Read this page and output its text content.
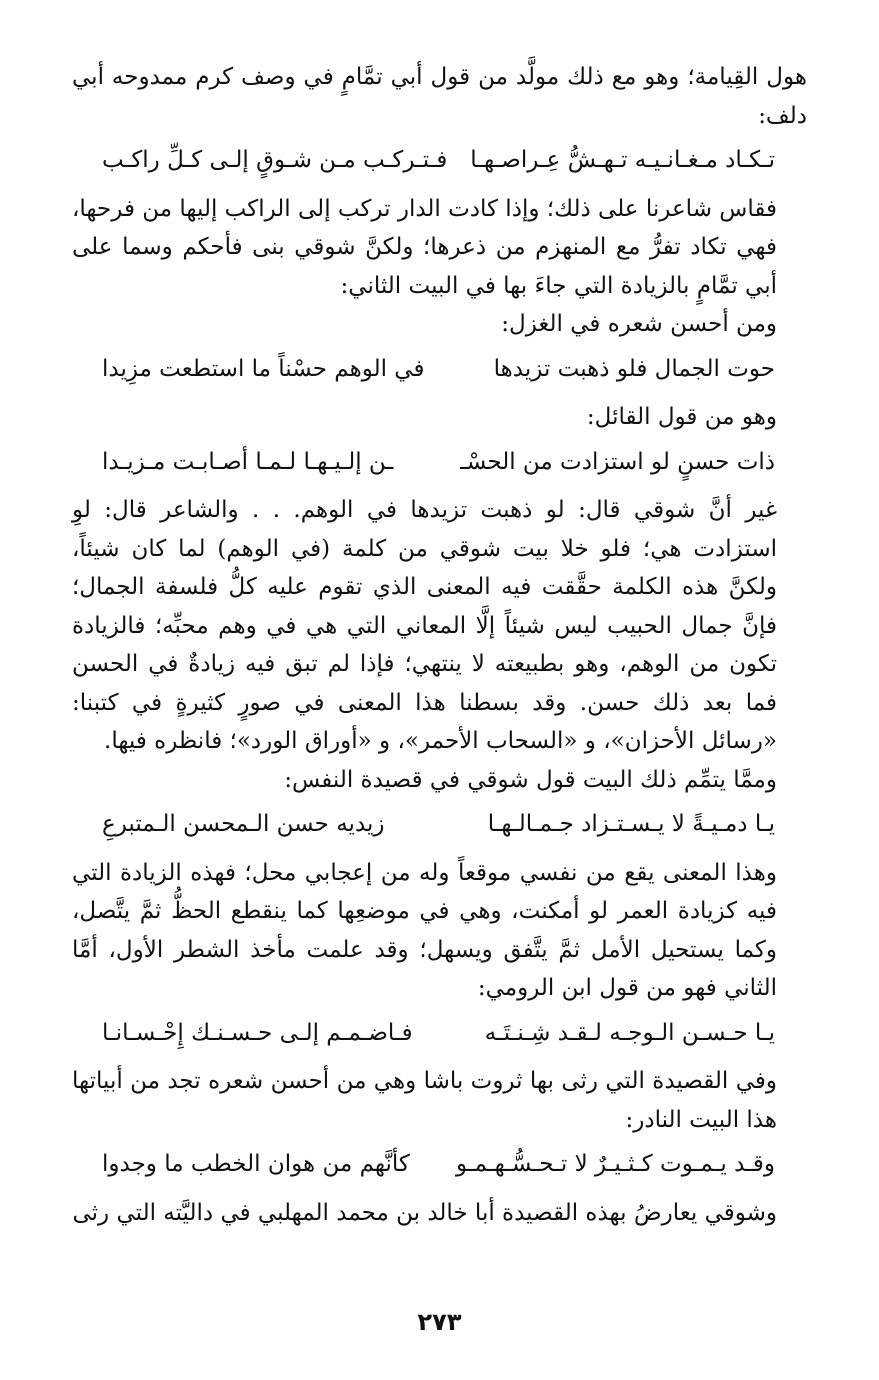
هول القِيامة؛ وهو مع ذلك مولَّد من قول أبي تمَّامٍ في وصف كرم ممدوحه أبي دلف:

تـكـاد مـغـانـيـه تـهـشُّ عِـراصـهـا
فـتـركـب مـن شـوقٍ إلـى كـلِّ راكـب

فقاس شاعرنا على ذلك؛ وإذا كادت الدار تركب إلى الراكب إليها من فرحها، فهي تكاد تفرُّ مع المنهزم من ذعرها؛ ولكنَّ شوقي بنى فأحكم وسما على أبي تمَّامٍ بالزيادة التي جاءَ بها في البيت الثاني:

ومن أحسن شعره في الغزل:

حوت الجمال فلو ذهبت تزيدها
في الوهم حسْناً ما استطعت مزِيدا

وهو من قول القائل:

ذات حسنٍ لو استزادت من الحسْـ
ـن إلـيـهـا لـمـا أصـابـت مـزيـدا

غير أنَّ شوقي قال: لو ذهبت تزيدها في الوهم. . . والشاعر قال: لوِ استزادت هي؛ فلو خلا بيت شوقي من كلمة (في الوهم) لما كان شيئاً، ولكنَّ هذه الكلمة حقَّقت فيه المعنى الذي تقوم عليه كلُّ فلسفة الجمال؛ فإنَّ جمال الحبيب ليس شيئاً إلَّا المعاني التي هي في وهم محبِّه؛ فالزيادة تكون من الوهم، وهو بطبيعته لا ينتهي؛ فإذا لم تبق فيه زيادةٌ في الحسن فما بعد ذلك حسن. وقد بسطنا هذا المعنى في صورٍ كثيرةٍ في كتبنا: «رسائل الأحزان»، و «السحاب الأحمر»، و «أوراق الورد»؛ فانظره فيها.

وممَّا يتمِّم ذلك البيت قول شوقي في قصيدة النفس:

يـا دمـيـةً لا يـسـتـزاد جـمـالـهـا
زيديه حسن الـمحسن الـمتبرعِ

وهذا المعنى يقع من نفسي موقعاً وله من إعجابي محل؛ فهذه الزيادة التي فيه كزيادة العمر لو أمكنت، وهي في موضعِها كما ينقطع الحظُّ ثمَّ يتَّصل، وكما يستحيل الأمل ثمَّ يتَّفق ويسهل؛ وقد علمت مأخذ الشطر الأول، أمَّا الثاني فهو من قول ابن الرومي:

يـا حـسـن الـوجـه لـقـد شِـنـتَـه
فـاضـمـم إلـى حـسـنـك إِحْـسـانـا

وفي القصيدة التي رثى بها ثروت باشا وهي من أحسن شعره تجد من أبياتها هذا البيت النادر:

وقـد يـمـوت كـثـيـرٌ لا تـحـسُّـهـمـو
كأنَّهم من هوان الخطب ما وجدوا

وشوقي يعارضُ بهذه القصيدة أبا خالد بن محمد المهلبي في داليَّته التي رثى

٢٧٣
